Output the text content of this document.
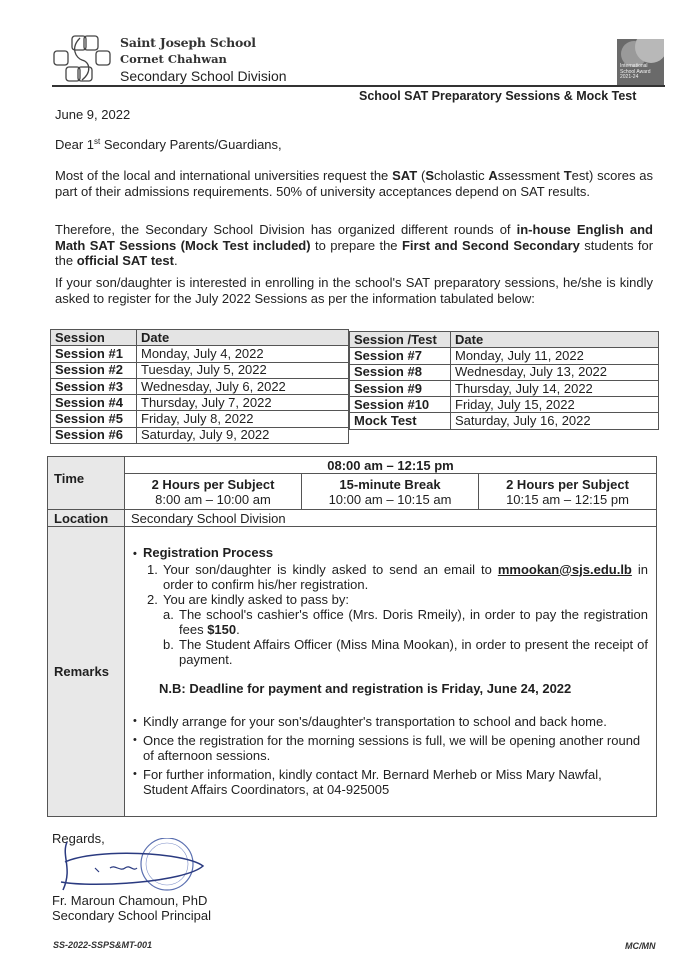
Saint Joseph School
Cornet Chahwan
Secondary School Division
International
School Award
2021-24
School SAT Preparatory Sessions & Mock Test
June 9, 2022
Dear 1st Secondary Parents/Guardians,
Most of the local and international universities request the SAT (Scholastic Assessment Test) scores as part of their admissions requirements. 50% of university acceptances depend on SAT results.
Therefore, the Secondary School Division has organized different rounds of in-house English and Math SAT Sessions (Mock Test included) to prepare the First and Second Secondary students for the official SAT test.
If your son/daughter is interested in enrolling in the school's SAT preparatory sessions, he/she is kindly asked to register for the July 2022 Sessions as per the information tabulated below:
Session	Date
Session #1	Monday, July 4, 2022
Session #2	Tuesday, July 5, 2022
Session #3	Wednesday, July 6, 2022
Session #4	Thursday, July 7, 2022
Session #5	Friday, July 8, 2022
Session #6	Saturday, July 9, 2022
Session /Test	Date
Session #7	Monday, July 11, 2022
Session #8	Wednesday, July 13, 2022
Session #9	Thursday, July 14, 2022
Session #10	Friday, July 15, 2022
Mock Test	Saturday, July 16, 2022
Time	08:00 am – 12:15 pm		

2 Hours per Subject
8:00 am – 10:00 am

15-minute Break
10:00 am – 10:15 am

2 Hours per Subject
10:15 am – 12:15 pm

Location	Secondary School Division		
Remarks	
• Registration Process
1. Your son/daughter is kindly asked to send an email to mmookan@sjs.edu.lb in order to confirm his/her registration.
2. You are kindly asked to pass by:
a. The school's cashier's office (Mrs. Doris Rmeily), in order to pay the registration fees $150.
b. The Student Affairs Officer (Miss Mina Mookan), in order to present the receipt of payment.
N.B: Deadline for payment and registration is Friday, June 24, 2022
• Kindly arrange for your son's/daughter's transportation to school and back home.
• Once the registration for the morning sessions is full, we will be opening another round of afternoon sessions.
• For further information, kindly contact Mr. Bernard Merheb or Miss Mary Nawfal, Student Affairs Coordinators, at 04-925005
Regards,
Fr. Maroun Chamoun, PhD
Secondary School Principal
SS-2022-SSPS&MT-001	MC/MN
